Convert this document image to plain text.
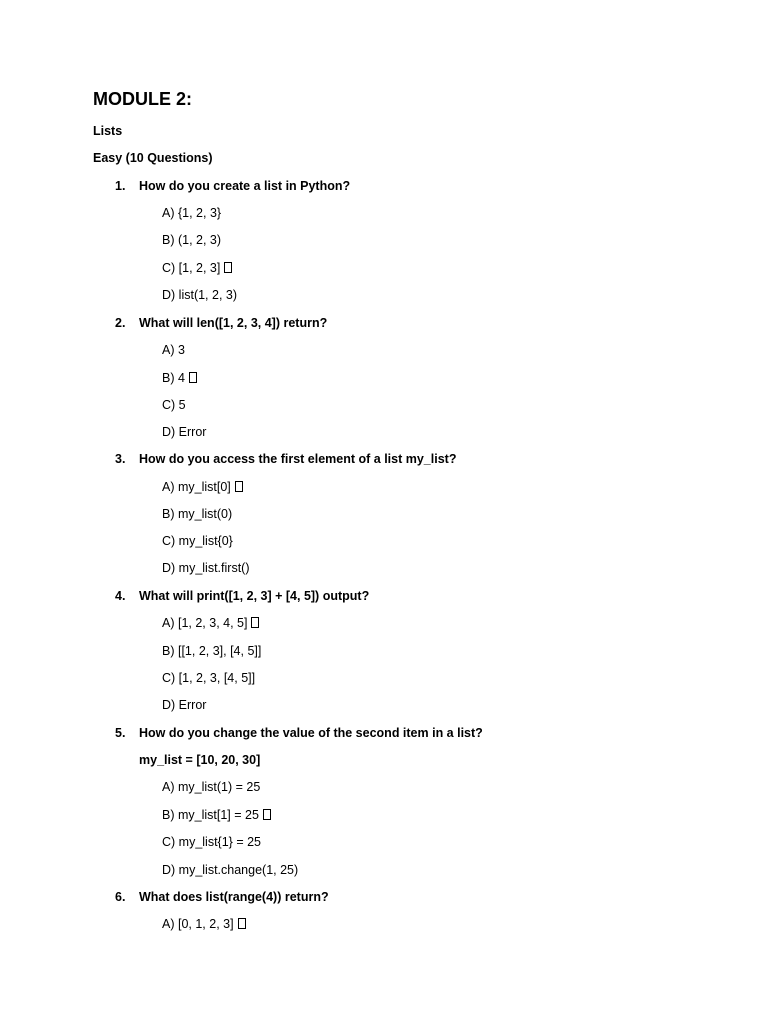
MODULE 2:
Lists
Easy (10 Questions)
1. How do you create a list in Python?
A) {1, 2, 3}
B) (1, 2, 3)
C) [1, 2, 3]
D) list(1, 2, 3)
2. What will len([1, 2, 3, 4]) return?
A) 3
B) 4
C) 5
D) Error
3. How do you access the first element of a list my_list?
A) my_list[0]
B) my_list(0)
C) my_list{0}
D) my_list.first()
4. What will print([1, 2, 3] + [4, 5]) output?
A) [1, 2, 3, 4, 5]
B) [[1, 2, 3], [4, 5]]
C) [1, 2, 3, [4, 5]]
D) Error
5. How do you change the value of the second item in a list?
my_list = [10, 20, 30]
A) my_list(1) = 25
B) my_list[1] = 25
C) my_list{1} = 25
D) my_list.change(1, 25)
6. What does list(range(4)) return?
A) [0, 1, 2, 3]
